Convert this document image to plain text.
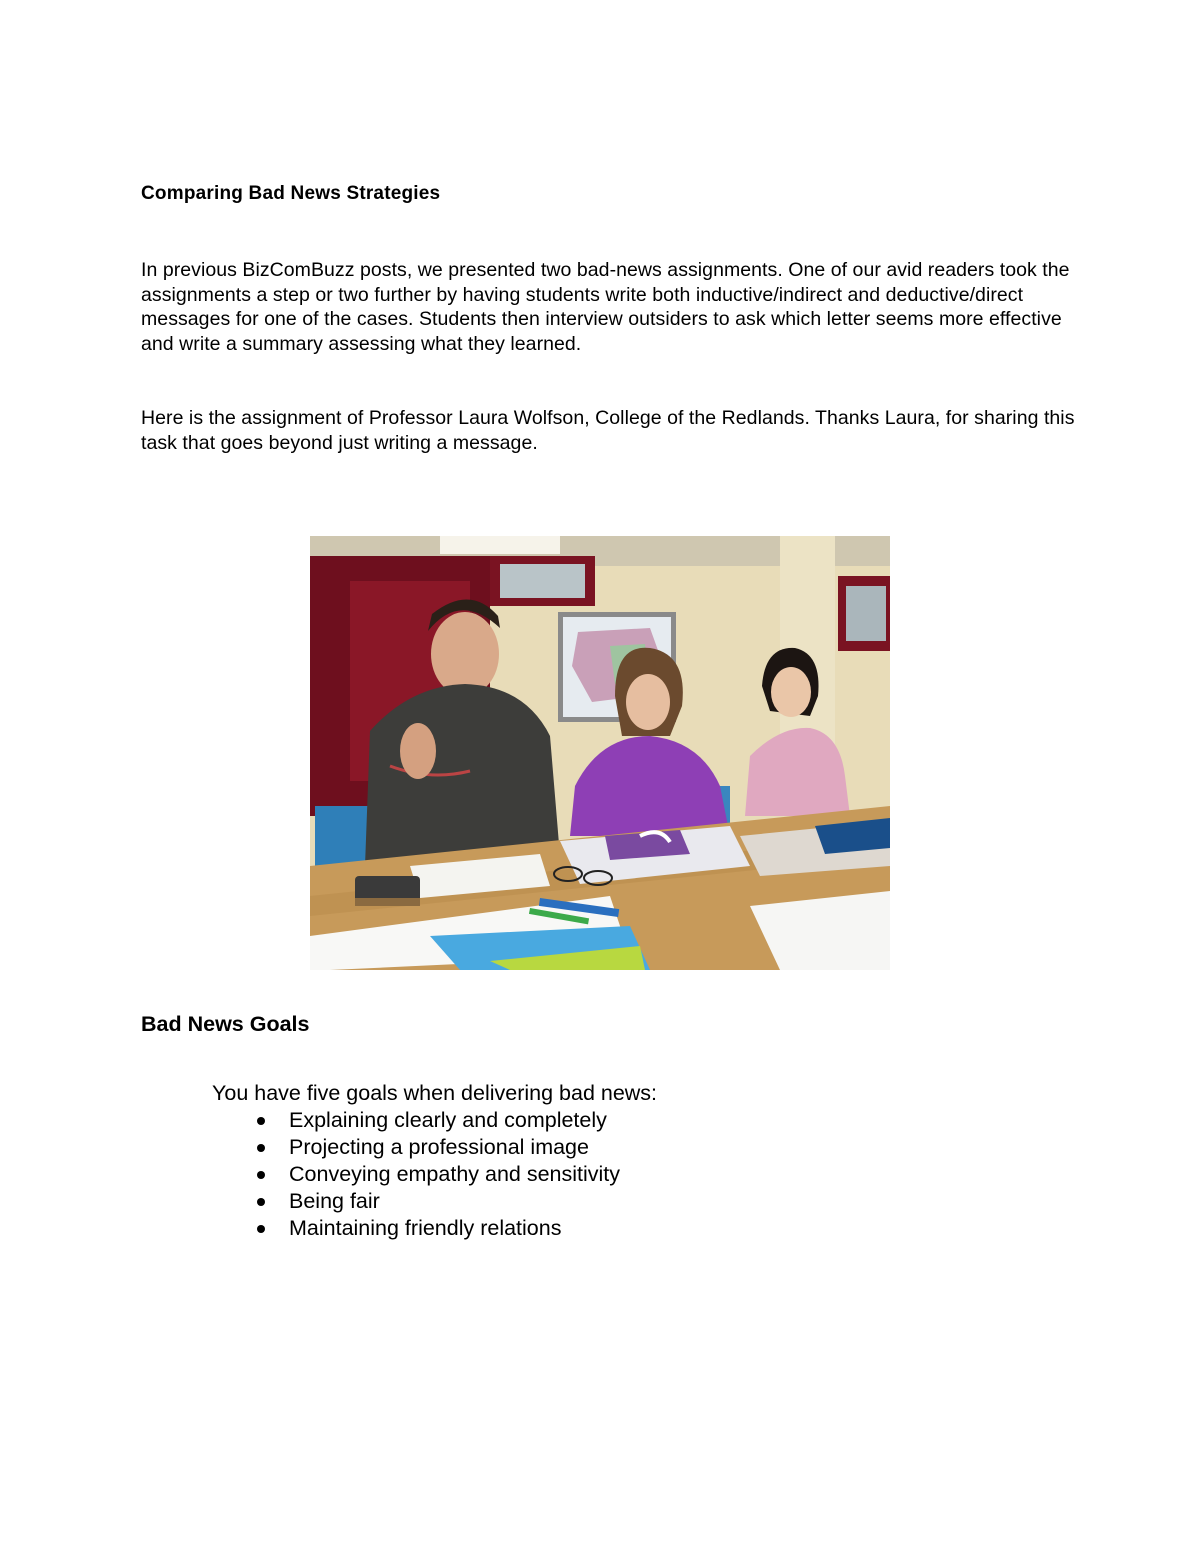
Comparing Bad News Strategies

In previous BizComBuzz posts, we presented two bad-news assignments. One of our avid readers took the assignments a step or two further by having students write both inductive/indirect and deductive/direct messages for one of the cases. Students then interview outsiders to ask which letter seems more effective and write a summary assessing what they learned.

Here is the assignment of Professor Laura Wolfson, College of the Redlands. Thanks Laura, for sharing this task that goes beyond just writing a message.

Bad News Goals

You have five goals when delivering bad news:

Explaining clearly and completely
Projecting a professional image
Conveying empathy and sensitivity
Being fair
Maintaining friendly relations
